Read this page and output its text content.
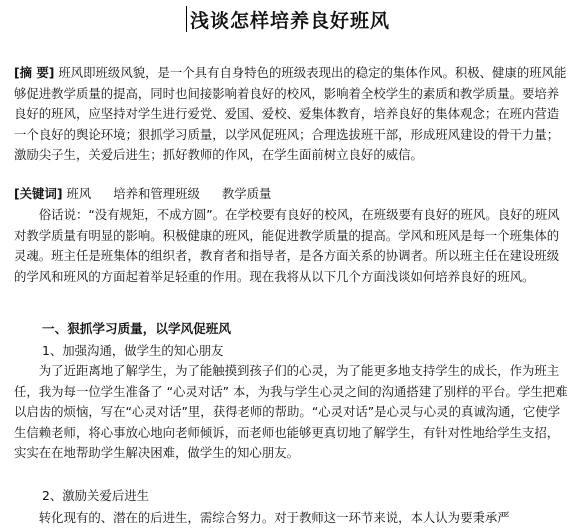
浅谈怎样培养良好班风
[摘 要] 班风即班级风貌，是一个具有自身特色的班级表现出的稳定的集体作风。积极、健康的班风能够促进教学质量的提高，同时也间接影响着良好的校风，影响着全校学生的素质和教学质量。要培养良好的班风，应坚持对学生进行爱党、爱国、爱校、爱集体教育，培养良好的集体观念；在班内营造一个良好的舆论环境；狠抓学习质量，以学风促班风；合理选拔班干部，形成班风建设的骨干力量；激励尖子生，关爱后进生；抓好教师的作风，在学生面前树立良好的威信。
[关键词] 班风 培养和管理班级 教学质量
俗话说：“没有规矩，不成方圆”。在学校要有良好的校风，在班级要有良好的班风。良好的班风对教学质量有明显的影响。积极健康的班风，能促进教学质量的提高。学风和班风是每一个班集体的灵魂。班主任是班集体的组织者，教育者和指导者，是各方面关系的协调者。所以班主任在建设班级的学风和班风的方面起着举足轻重的作用。现在我将从以下几个方面浅谈如何培养良好的班风。
一、狠抓学习质量，以学风促班风
1、加强沟通，做学生的知心朋友
为了近距离地了解学生，为了能触摸到孩子们的心灵，为了能更多地支持学生的成长，作为班主任，我为每一位学生准备了 “心灵对话” 本，为我与学生心灵之间的沟通搭建了别样的平台。学生把难以启齿的烦恼，写在“心灵对话”里，获得老师的帮助。“心灵对话”是心灵与心灵的真诚沟通，它使学生信赖老师，将心事放心地向老师倾诉，而老师也能够更真切地了解学生，有针对性地给学生支招，实实在在地帮助学生解决困难，做学生的知心朋友。
2、激励关爱后进生
转化现有的、潜在的后进生，需综合努力。对于教师这一环节来说，本人认为要秉承严
